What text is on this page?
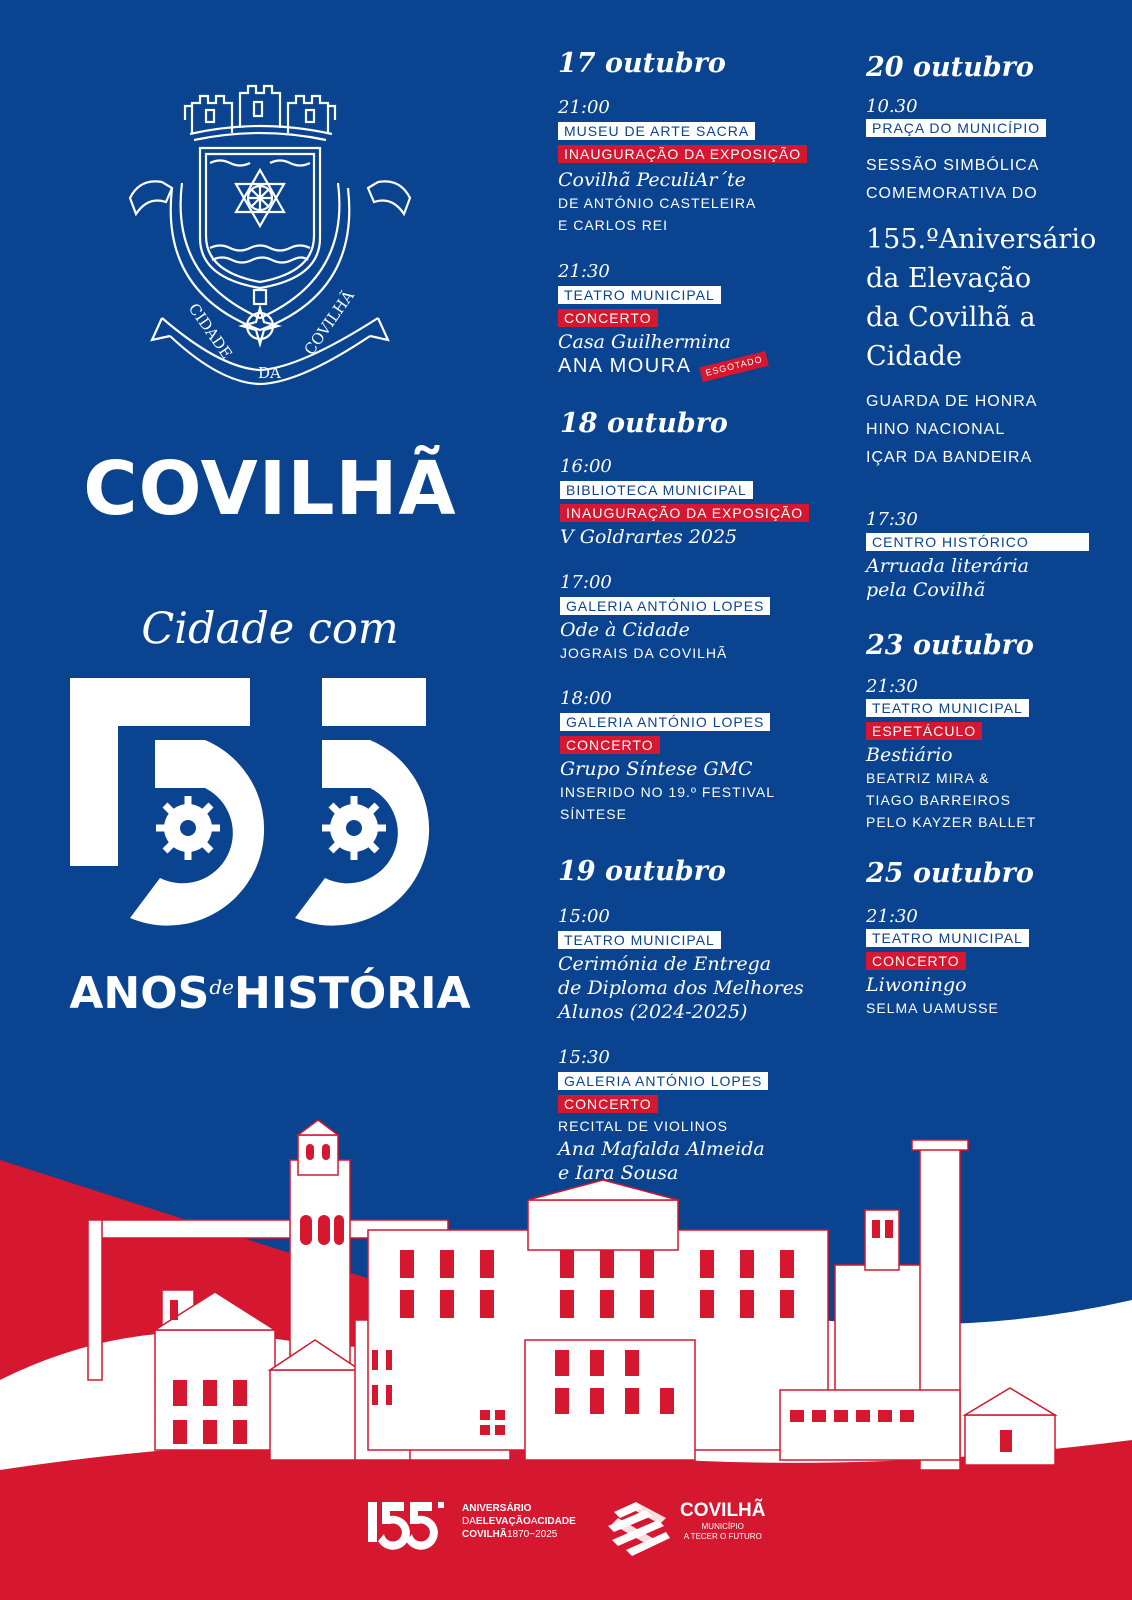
CIDADE
DA
COVILHÃ
COVILHÃ
Cidade com
$ANOS^{de}HISTÓRIA$
17 outubro
21:00
MUSEU DE ARTE SACRA
INAUGURAÇÃO DA EXPOSIÇÃO
Covilhã PeculiAr´te
DE ANTÓNIO CASTELEIRA
E CARLOS REI
21:30
TEATRO MUNICIPAL
CONCERTO
Casa Guilhermina
ANA MOURA ESGOTADO
18 outubro
16:00
BIBLIOTECA MUNICIPAL
INAUGURAÇÃO DA EXPOSIÇÃO
V Goldrartes 2025
17:00
GALERIA ANTÓNIO LOPES
Ode à Cidade
JOGRAIS DA COVILHÃ
18:00
GALERIA ANTÓNIO LOPES
CONCERTO
Grupo Síntese GMC
INSERIDO NO 19.º FESTIVAL
SÍNTESE
19 outubro
15:00
TEATRO MUNICIPAL
Cerimónia de Entrega
de Diploma dos Melhores
Alunos (2024-2025)
15:30
GALERIA ANTÓNIO LOPES
CONCERTO
RECITAL DE VIOLINOS
Ana Mafalda Almeida
e Iara Sousa
20 outubro
10.30
PRAÇA DO MUNICÍPIO
SESSÃO SIMBÓLICA
COMEMORATIVA DO
155.ºAniversário
da Elevação
da Covilhã a
Cidade
GUARDA DE HONRA
HINO NACIONAL
IÇAR DA BANDEIRA
17:30
CENTRO HISTÓRICO
Arruada literária
pela Covilhã
23 outubro
21:30
TEATRO MUNICIPAL
ESPETÁCULO
Bestiário
BEATRIZ MIRA &
TIAGO BARREIROS
PELO KAYZER BALLET
25 outubro
21:30
TEATRO MUNICIPAL
CONCERTO
Liwoningo
SELMA UAMUSSE
ANIVERSÁRIO
DAELEVAÇÃOACIDADE
COVILHÃ1870~2025
COVILHÃ
MUNICÍPIO
A TECER O FUTURO
